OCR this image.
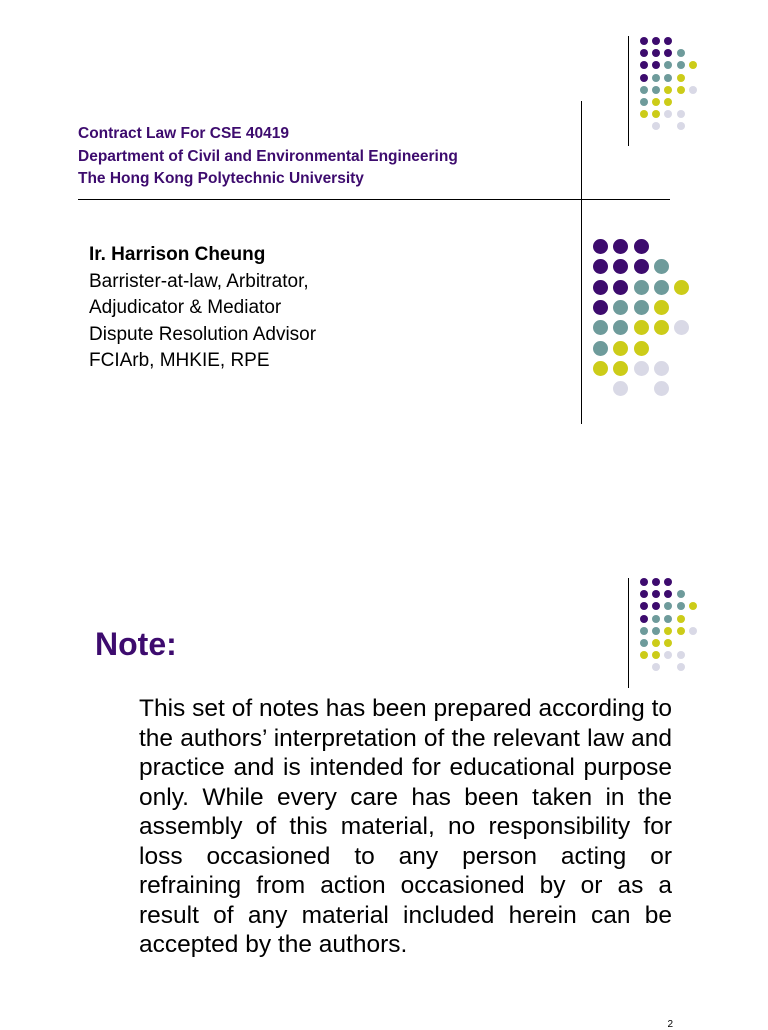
Contract Law For CSE 40419
Department of Civil and Environmental Engineering
The Hong Kong Polytechnic University
Ir. Harrison Cheung
Barrister-at-law, Arbitrator,
Adjudicator & Mediator
Dispute Resolution Advisor
FCIArb, MHKIE, RPE
Note:
This set of notes has been prepared according to the authors’ interpretation of the relevant law and practice and is intended for educational purpose only. While every care has been taken in the assembly of this material, no responsibility for loss occasioned to any person acting or refraining from action occasioned by or as a result of any material included herein can be accepted by the authors.
2
